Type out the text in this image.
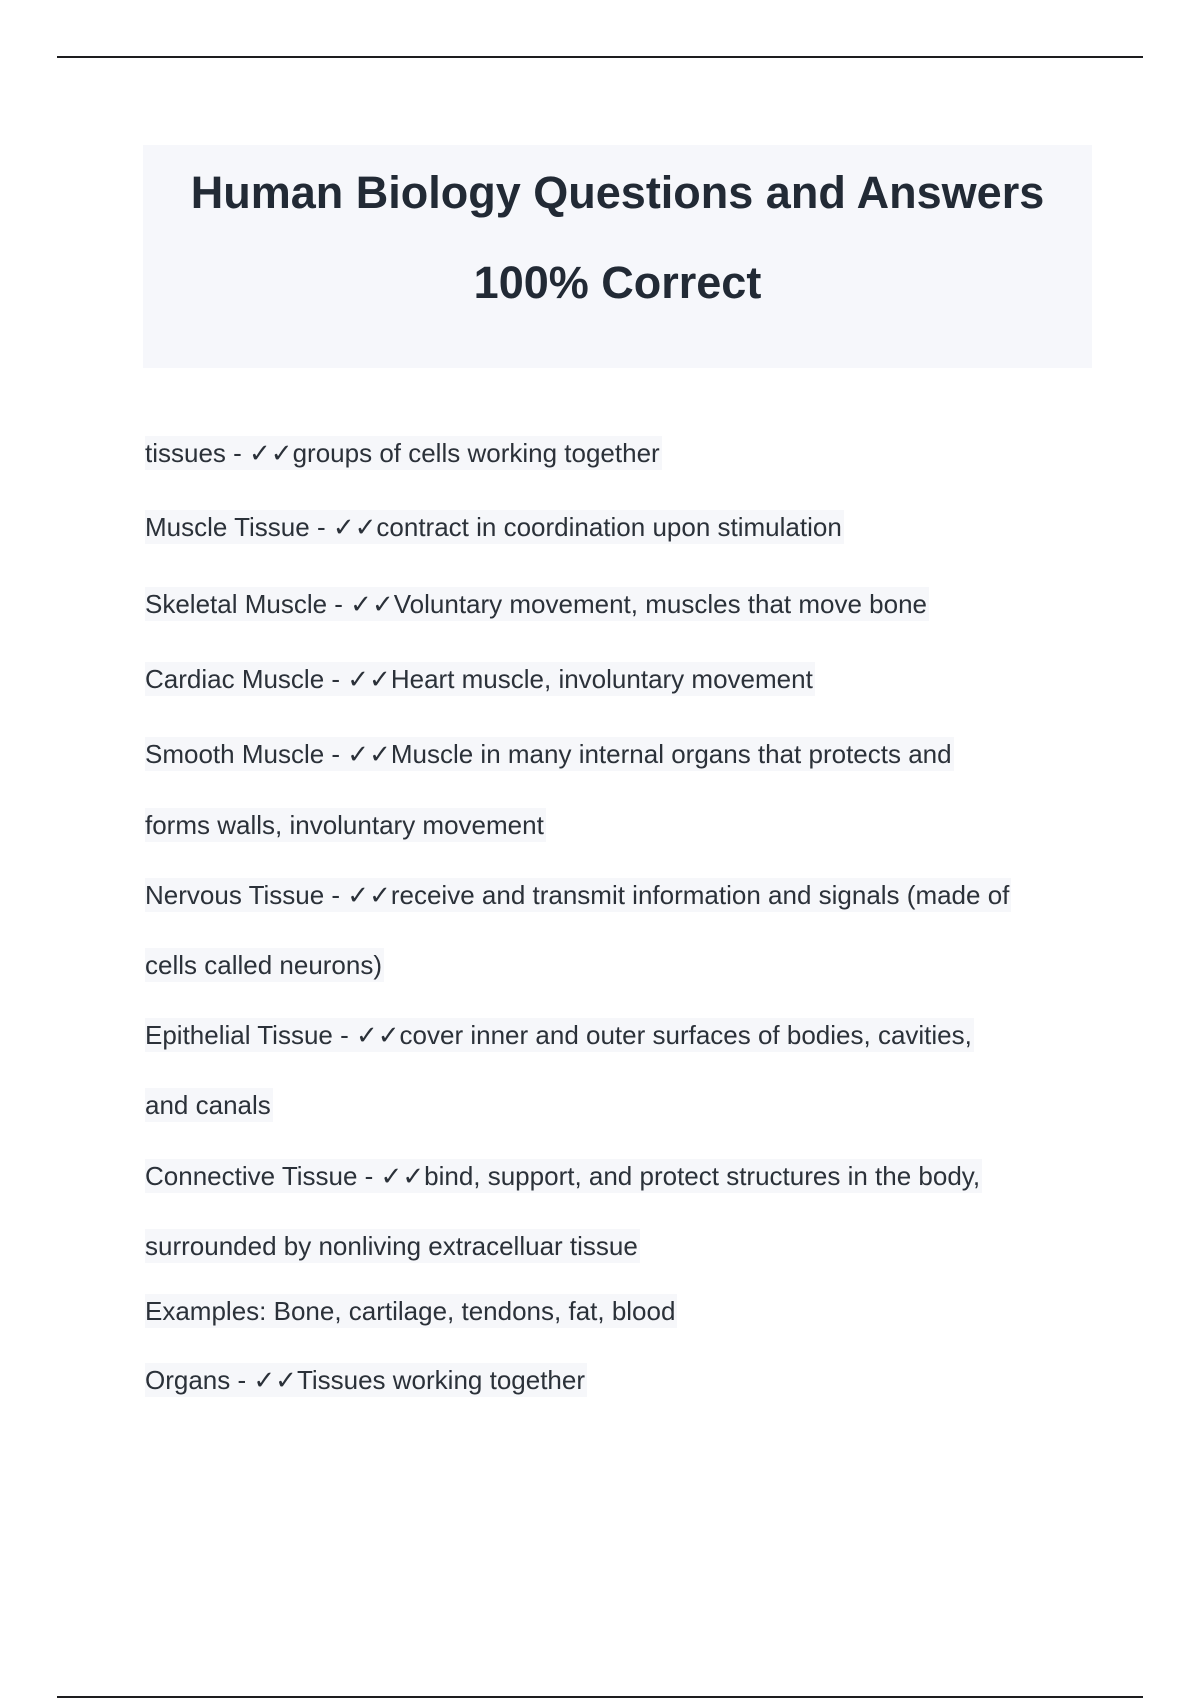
Human Biology Questions and Answers
100% Correct
tissues - ✓✓groups of cells working together
Muscle Tissue - ✓✓contract in coordination upon stimulation
Skeletal Muscle - ✓✓Voluntary movement, muscles that move bone
Cardiac Muscle - ✓✓Heart muscle, involuntary movement
Smooth Muscle - ✓✓Muscle in many internal organs that protects and
forms walls, involuntary movement
Nervous Tissue - ✓✓receive and transmit information and signals (made of
cells called neurons)
Epithelial Tissue - ✓✓cover inner and outer surfaces of bodies, cavities,
and canals
Connective Tissue - ✓✓bind, support, and protect structures in the body,
surrounded by nonliving extracelluar tissue
Examples: Bone, cartilage, tendons, fat, blood
Organs - ✓✓Tissues working together
